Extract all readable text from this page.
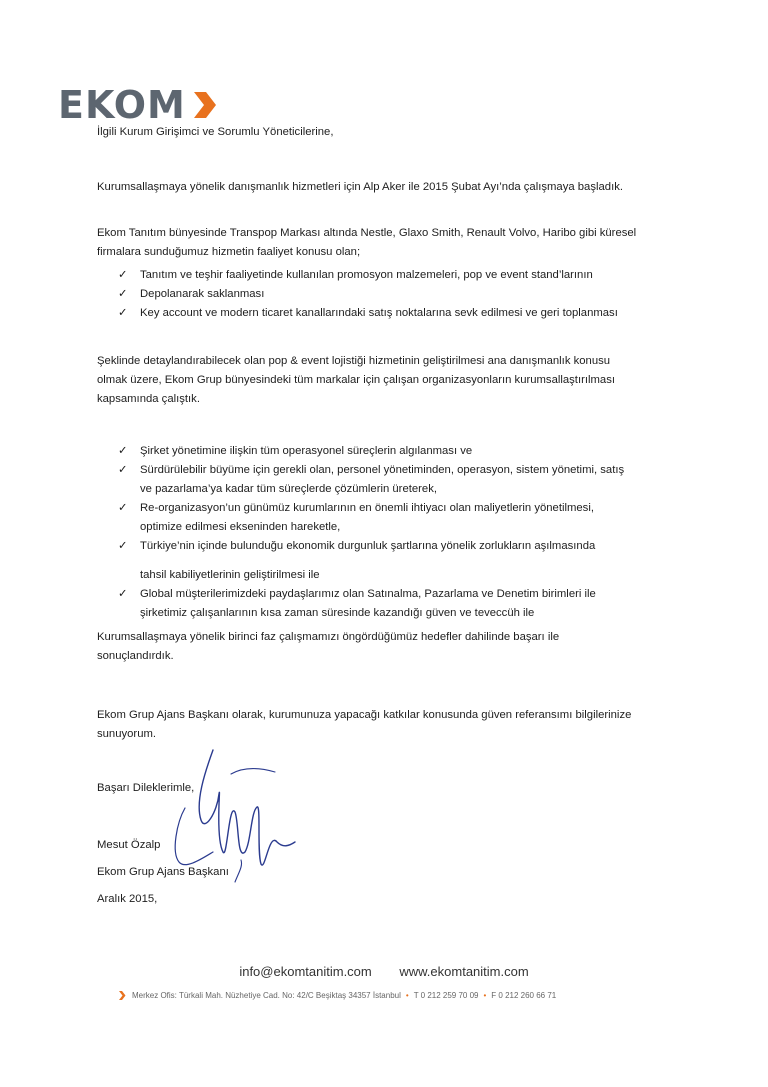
EKOM
İlgili Kurum Girişimci ve Sorumlu Yöneticilerine,
Kurumsallaşmaya yönelik danışmanlık hizmetleri için Alp Aker ile 2015 Şubat Ayı’nda çalışmaya başladık.
Ekom Tanıtım bünyesinde Transpop Markası altında Nestle, Glaxo Smith, Renault Volvo, Haribo gibi küresel firmalara sunduğumuz hizmetin faaliyet konusu olan;
✓ Tanıtım ve teşhir faaliyetinde kullanılan promosyon malzemeleri, pop ve event stand’larının
✓ Depolanarak saklanması
✓ Key account ve modern ticaret kanallarındaki satış noktalarına sevk edilmesi ve geri toplanması
Şeklinde detaylandırabilecek olan pop & event lojistiği hizmetinin geliştirilmesi ana danışmanlık konusu olmak üzere, Ekom Grup bünyesindeki tüm markalar için çalışan organizasyonların kurumsallaştırılması kapsamında çalıştık.
✓ Şirket yönetimine ilişkin tüm operasyonel süreçlerin algılanması ve
✓ Sürdürülebilir büyüme için gerekli olan, personel yönetiminden, operasyon, sistem yönetimi, satış ve pazarlama’ya kadar tüm süreçlerde çözümlerin üreterek,
✓ Re-organizasyon’un günümüz kurumlarının en önemli ihtiyacı olan maliyetlerin yönetilmesi, optimize edilmesi ekseninden hareketle,
✓ Türkiye’nin içinde bulunduğu ekonomik durgunluk şartlarına yönelik zorlukların aşılmasında
tahsil kabiliyetlerinin geliştirilmesi ile
✓ Global müşterilerimizdeki paydaşlarımız olan Satınalma, Pazarlama ve Denetim birimleri ile şirketimiz çalışanlarının kısa zaman süresinde kazandığı güven ve teveccüh ile
Kurumsallaşmaya yönelik birinci faz çalışmamızı öngördüğümüz hedefler dahilinde başarı ile sonuçlandırdık.
Ekom Grup Ajans Başkanı olarak, kurumunuza yapacağı katkılar konusunda güven referansımı bilgilerinize sunuyorum.
Başarı Dileklerimle,
Mesut Özalp
Ekom Grup Ajans Başkanı
Aralık 2015,
info@ekomtanitim.com www.ekomtanitim.com
Merkez Ofis: Türkali Mah. Nüzhetiye Cad. No: 42/C Beşiktaş 34357 İstanbul • T 0 212 259 70 09 • F 0 212 260 66 71
